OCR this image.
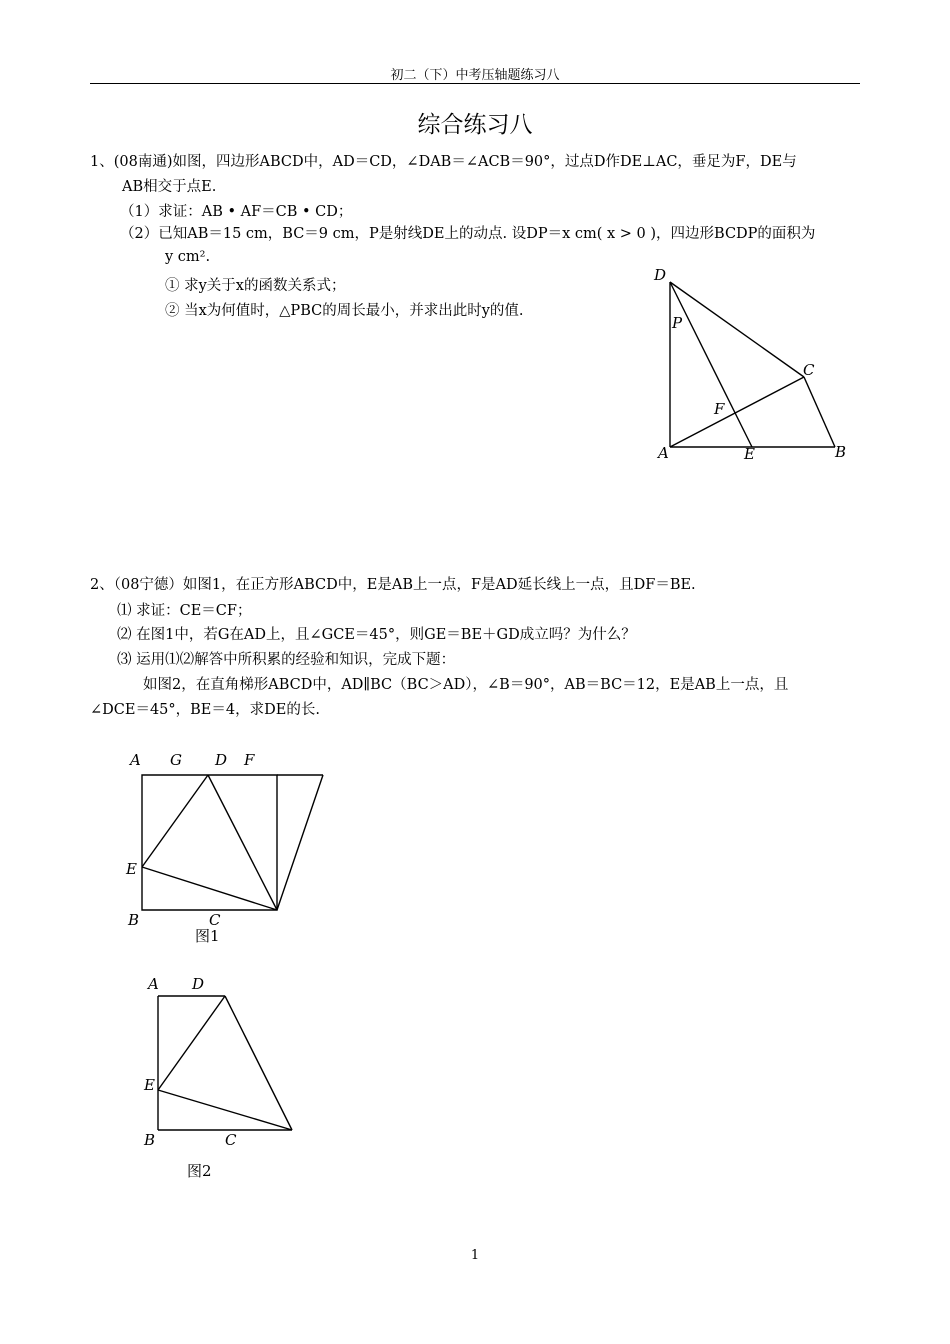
初二（下）中考压轴题练习八
综合练习八
1、(08南通)如图，四边形ABCD中，AD＝CD，∠DAB＝∠ACB＝90°，过点D作DE⊥AC，垂足为F，DE与
AB相交于点E.
（1）求证：AB • AF＝CB • CD；
（2）已知AB＝15 cm，BC＝9 cm，P是射线DE上的动点. 设DP＝x cm( x > 0 )，四边形BCDP的面积为
y cm².
① 求y关于x的函数关系式；
② 当x为何值时，△PBC的周长最小，并求出此时y的值.
D
P
C
F
A	E	B
2、（08宁德）如图1，在正方形ABCD中，E是AB上一点，F是AD延长线上一点，且DF＝BE.
⑴ 求证：CE＝CF；
⑵ 在图1中，若G在AD上，且∠GCE＝45°，则GE＝BE＋GD成立吗？为什么？
⑶ 运用⑴⑵解答中所积累的经验和知识，完成下题：
如图2，在直角梯形ABCD中，AD∥BC（BC＞AD），∠B＝90°，AB＝BC＝12，E是AB上一点，且
∠DCE＝45°，BE＝4，求DE的长.
A G D F
E
B	C
图1
A D
E
B	C
图2
1
